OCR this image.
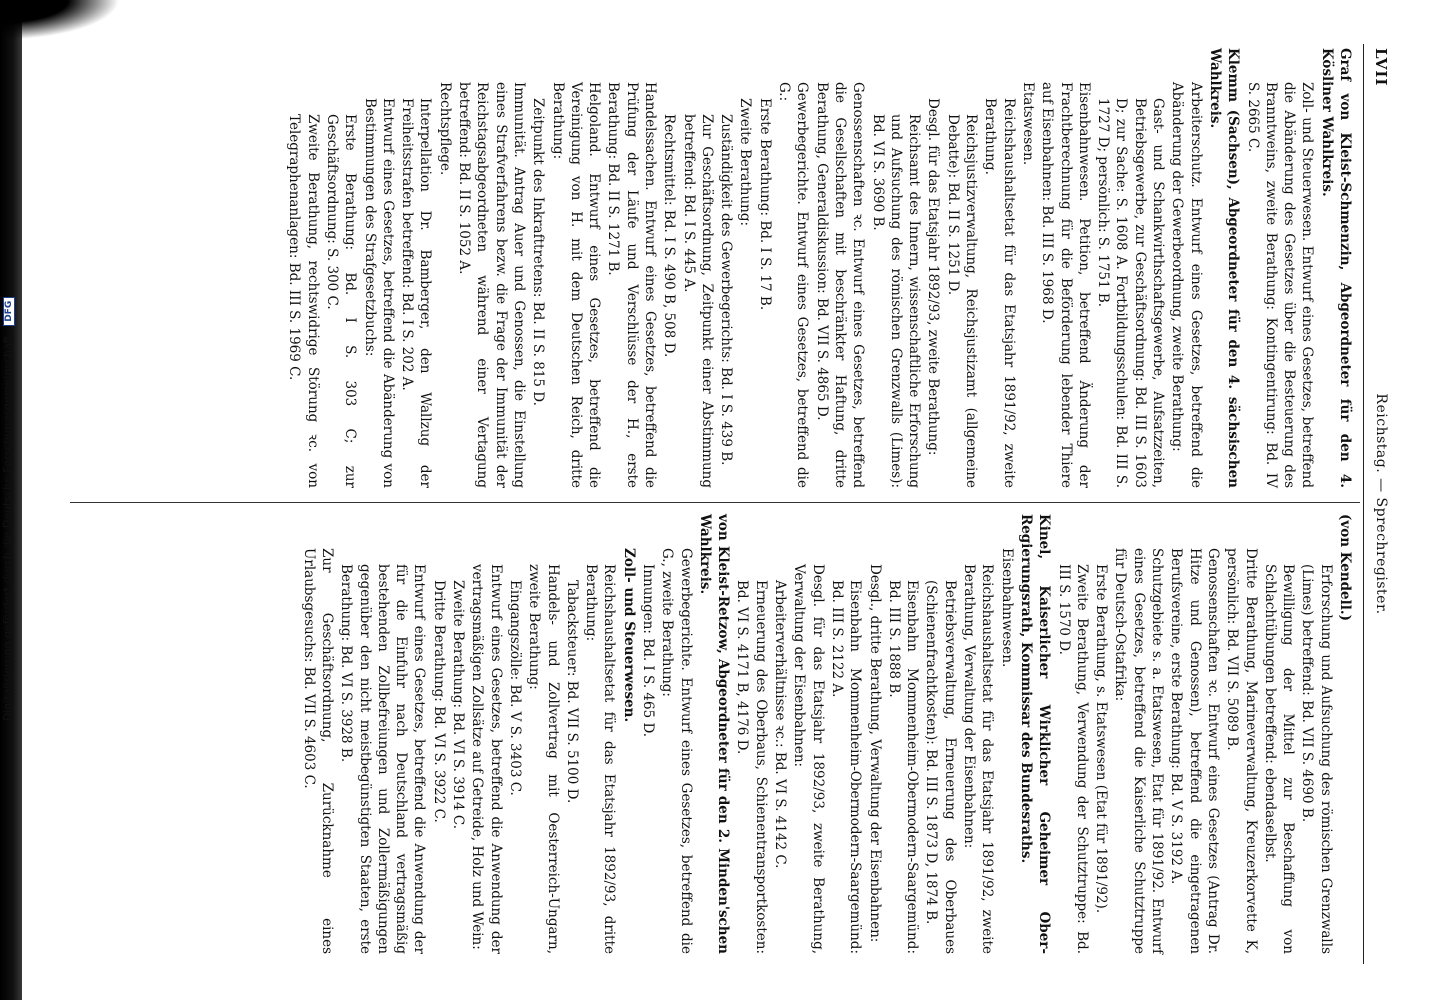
Digitalisierung gefördert durch die Deutsche Forschungsgemeinschaft DFG
LVII
Reichstag. — Sprechregister.
Graf von Kleist-Schmenzin, Abgeordneter für den 4. Kösliner Wahlkreis.
Zoll- und Steuerwesen. Entwurf eines Gesetzes, betreffend die Abänderung des Gesetzes über die Besteuerung des Branntweins, zweite Berathung: Kontingentirung: Bd. IV S. 2665 C.
Klemm (Sachsen), Abgeordneter für den 4. sächsischen Wahlkreis.
Arbeiterschutz. Entwurf eines Gesetzes, betreffend die Abänderung der Gewerbeordnung, zweite Berathung:
Gast- und Schankwirthschaftsgewerbe, Aufsatzzeiten, Betriebsgewerbe, zur Geschäftsordnung: Bd. III S. 1603 D; zur Sache: S. 1608 A. Fortbildungsschulen: Bd. III S. 1727 D; persönlich: S. 1751 B.
Eisenbahnwesen. Petition, betreffend Änderung der Frachtberechnung für die Beförderung lebender Thiere auf Eisenbahnen: Bd. III S. 1968 D.
Etatswesen.
Reichshaushaltsetat für das Etatsjahr 1891/92, zweite Berathung.
Reichsjustizverwaltung, Reichsjustizamt (allgemeine Debatte): Bd. II S. 1251 D.
Desgl. für das Etatsjahr 1892/93, zweite Berathung:
Reichsamt des Innern, wissenschaftliche Erforschung und Aufsuchung des römischen Grenzwalls (Limes): Bd. VI S. 3690 B.
Genossenschaften ꝛc. Entwurf eines Gesetzes, betreffend die Gesellschaften mit beschränkter Haftung, dritte Berathung, Generaldiskussion: Bd. VII S. 4865 D.
Gewerbegerichte. Entwurf eines Gesetzes, betreffend die G.:
Erste Berathung: Bd. I S. 17 B.
Zweite Berathung:
Zuständigkeit des Gewerbegerichts: Bd. I S. 439 B.
Zur Geschäftsordnung, Zeitpunkt einer Abstimmung betreffend: Bd. I S. 445 A.
Rechtsmittel: Bd. I S. 490 B, 508 D.
Handelssachen. Entwurf eines Gesetzes, betreffend die Prüfung der Läufe und Verschlüsse der H., erste Berathung: Bd. II S. 1271 B.
Helgoland. Entwurf eines Gesetzes, betreffend die Vereinigung von H. mit dem Deutschen Reich, dritte Berathung:
Zeitpunkt des Inkrafttretens: Bd. II S. 815 D.
Immunität. Antrag Auer und Genossen, die Einstellung eines Strafverfahrens bezw. die Frage der Immunität der Reichstagsabgeordneten während einer Vertagung betreffend: Bd. II S. 1052 A.
Rechtspflege.
Interpellation Dr. Bamberger, den Wallzug der Freiheitsstrafen betreffend: Bd. I S. 202 A.
Entwurf eines Gesetzes, betreffend die Abänderung von Bestimmungen des Strafgesetzbuchs:
Erste Berathung: Bd. I S. 303 C; zur Geschäftsordnung: S. 300 C.
Zweite Berathung, rechtswidrige Störung ꝛc. von Telegraphenanlagen: Bd. III S. 1969 C.
(von Kendell.)
Erforschung und Aufsuchung des römischen Grenzwalls (Limes) betreffend: Bd. VII S. 4690 B.
Bewilligung der Mittel zur Beschaffung von Schlachtübungen betreffend: ebendaselbst.
Dritte Berathung, Marineverwaltung, Kreuzerkorvette K, persönlich: Bd. VII S. 5089 B.
Genossenschaften ꝛc. Entwurf eines Gesetzes (Antrag Dr. Hitze und Genossen), betreffend die eingetragenen Berufsvereine, erste Berathung: Bd. V S. 3192 A.
Schutzgebiete s. a. Etatswesen, Etat für 1891/92. Entwurf eines Gesetzes, betreffend die Kaiserliche Schutztruppe für Deutsch-Ostafrika:
Erste Berathung, s. Etatswesen (Etat für 1891/92).
Zweite Berathung, Verwendung der Schutztruppe: Bd. III S. 1570 D.
Kinel, Kaiserlicher Wirklicher Geheimer Ober-Regierungsrath, Kommissar des Bundesraths.
Eisenbahnwesen.
Reichshaushaltsetat für das Etatsjahr 1891/92, zweite Berathung, Verwaltung der Eisenbahnen:
Betriebsverwaltung, Erneuerung des Oberbaues (Schienenfrachtkosten): Bd. III S. 1873 D, 1874 B.
Eisenbahn Mommenheim-Obermodern-Saargemünd: Bd. III S. 1888 B.
Desgl., dritte Berathung, Verwaltung der Eisenbahnen:
Eisenbahn Mommenheim-Obermodern-Saargemünd: Bd. III S. 2122 A.
Desgl. für das Etatsjahr 1892/93, zweite Berathung, Verwaltung der Eisenbahnen:
Arbeiterverhältnisse ꝛc.: Bd. VI S. 4142 C.
Erneuerung des Oberbaus, Schienentransportkosten: Bd. VI S. 4171 B, 4176 D.
von Kleist-Retzow, Abgeordneter für den 2. Minden'schen Wahlkreis.
Gewerbegerichte. Entwurf eines Gesetzes, betreffend die G., zweite Berathung:
Innungen: Bd. I S. 465 D.
Zoll- und Steuerwesen.
Reichshaushaltsetat für das Etatsjahr 1892/93, dritte Berathung:
Tabacksteuer: Bd. VII S. 5100 D.
Handels- und Zollvertrag mit Oesterreich-Ungarn, zweite Berathung:
Eingangszölle: Bd. V S. 3403 C.
Entwurf eines Gesetzes, betreffend die Anwendung der vertragsmäßigen Zollsätze auf Getreide, Holz und Wein:
Zweite Berathung: Bd. VI S. 3914 C.
Dritte Berathung: Bd. VI S. 3922 C.
Entwurf eines Gesetzes, betreffend die Anwendung der für die Einfuhr nach Deutschland vertragsmäßig bestehenden Zollbefreiungen und Zollermäßigungen gegenüber den nicht meistbegünstigten Staaten, erste Berathung: Bd. VI S. 3928 B.
Zur Geschäftsordnung, Zurücknahme eines Urlaubsgesuchs: Bd. VII S. 4603 C.
